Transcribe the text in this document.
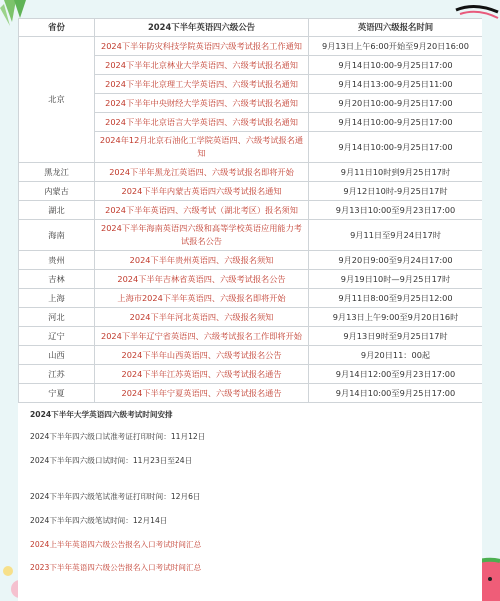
省份	2024下半年英语四六级公告	英语四六级报名时间
北京	2024下半年防灾科技学院英语四六级考试报名工作通知	9月13日上午6:00开始至9月20日16:00
	2024下半年北京林业大学英语四、六级考试报名通知	9月14日10:00-9月25日17:00
	2024下半年北京理工大学英语四、六级考试报名通知	9月14日13:00-9月25日11:00
	2024下半年中央财经大学英语四、六级考试报名通知	9月20日10:00-9月25日17:00
	2024下半年北京语言大学英语四、六级考试报名通知	9月14日10:00-9月25日17:00
	2024年12月北京石油化工学院英语四、六级考试报名通知	9月14日10:00-9月25日17:00
黑龙江	2024下半年黑龙江英语四、六级考试报名即将开始	9月11日10时到9月25日17时
内蒙古	2024下半年内蒙古英语四六级考试报名通知	9月12日10时-9月25日17时
湖北	2024下半年英语四、六级考试（湖北考区）报名须知	9月13日10:00至9月23日17:00
海南	2024下半年海南英语四六级和高等学校英语应用能力考试报名公告	9月11日至9月24日17时
贵州	2024下半年贵州英语四、六级报名须知	9月20日9:00至9月24日17:00
吉林	2024下半年吉林省英语四、六级考试报名公告	9月19日10时—9月25日17时
上海	上海市2024下半年英语四、六级报名即将开始	9月11日8:00至9月25日12:00
河北	2024下半年河北英语四、六级报名须知	9月13日上午9:00至9月20日16时
辽宁	2024下半年辽宁省英语四、六级考试报名工作即将开始	9月13日9时至9月25日17时
山西	2024下半年山西英语四、六级考试报名公告	9月20日11：00起
江苏	2024下半年江苏英语四、六级考试报名通告	9月14日12:00至9月23日17:00
宁夏	2024下半年宁夏英语四、六级考试报名通告	9月14日10:00至9月25日17:00
2024下半年大学英语四六级考试时间安排

2024下半年四六级口试准考证打印时间：11月12日

2024下半年四六级口试时间：11月23日至24日

2024下半年四六级笔试准考证打印时间：12月6日

2024下半年四六级笔试时间：12月14日

2024上半年英语四六级公告报名入口考试时间汇总

2023下半年英语四六级公告报名入口考试时间汇总
